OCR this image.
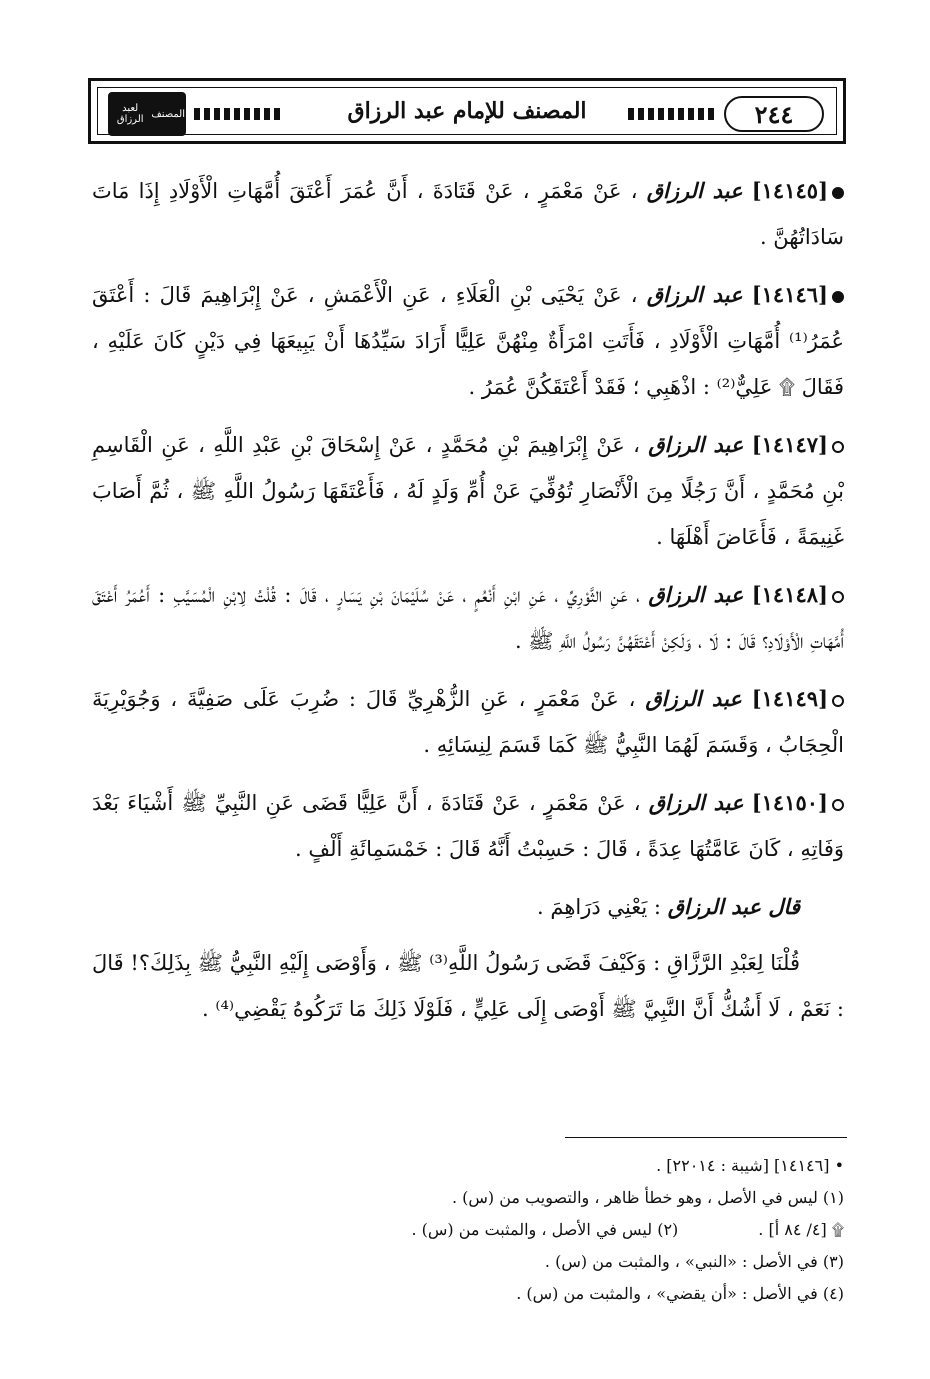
٢٤٤
المصنف للإمام عبد الرزاق
المصنف
لعبد الرزاق
[١٤١٤٥] عبد الرزاق ، عَنْ مَعْمَرٍ ، عَنْ قَتَادَةَ ، أَنَّ عُمَرَ أَعْتَقَ أُمَّهَاتِ الْأَوْلَادِ إِذَا مَاتَ سَادَاتُهُنَّ .
[١٤١٤٦] عبد الرزاق ، عَنْ يَحْيَى بْنِ الْعَلَاءِ ، عَنِ الْأَعْمَشِ ، عَنْ إِبْرَاهِيمَ قَالَ : أَعْتَقَ عُمَرُ⁽¹⁾ أُمَّهَاتِ الْأَوْلَادِ ، فَأَتَتِ امْرَأَةٌ مِنْهُنَّ عَلِيًّا أَرَادَ سَيِّدُهَا أَنْ يَبِيعَهَا فِي دَيْنٍ كَانَ عَلَيْهِ ، فَقَالَ ۩ عَلِيٌّ⁽²⁾ : اذْهَبِي ؛ فَقَدْ أَعْتَقَكُنَّ عُمَرُ .
[١٤١٤٧] عبد الرزاق ، عَنْ إِبْرَاهِيمَ بْنِ مُحَمَّدٍ ، عَنْ إِسْحَاقَ بْنِ عَبْدِ اللَّهِ ، عَنِ الْقَاسِمِ بْنِ مُحَمَّدٍ ، أَنَّ رَجُلًا مِنَ الْأَنْصَارِ تُوُفِّيَ عَنْ أُمِّ وَلَدٍ لَهُ ، فَأَعْتَقَهَا رَسُولُ اللَّهِ ﷺ ، ثُمَّ أَصَابَ غَنِيمَةً ، فَأَعَاضَ أَهْلَهَا .
[١٤١٤٨] عبد الرزاق ، عَنِ الثَّوْرِيِّ ، عَنِ ابْنِ أَنْعُمٍ ، عَنْ سُلَيْمَانَ بْنِ يَسَارٍ ، قَالَ : قُلْتُ لِابْنِ الْمُسَيَّبِ : أَعُمَرُ أَعْتَقَ أُمَّهَاتِ الْأَوْلَادِ؟ قَالَ : لَا ، وَلَكِنْ أَعْتَقَهُنَّ رَسُولُ اللَّهِ ﷺ .
[١٤١٤٩] عبد الرزاق ، عَنْ مَعْمَرٍ ، عَنِ الزُّهْرِيِّ قَالَ : ضُرِبَ عَلَى صَفِيَّةَ ، وَجُوَيْرِيَةَ الْحِجَابُ ، وَقَسَمَ لَهُمَا النَّبِيُّ ﷺ كَمَا قَسَمَ لِنِسَائِهِ .
[١٤١٥٠] عبد الرزاق ، عَنْ مَعْمَرٍ ، عَنْ قَتَادَةَ ، أَنَّ عَلِيًّا قَضَى عَنِ النَّبِيِّ ﷺ أَشْيَاءَ بَعْدَ وَفَاتِهِ ، كَانَ عَامَّتُهَا عِدَةً ، قَالَ : حَسِبْتُ أَنَّهُ قَالَ : خَمْسَمِائَةِ أَلْفٍ .
قال عبد الرزاق : يَعْنِي دَرَاهِمَ .
قُلْنَا لِعَبْدِ الرَّزَّاقِ : وَكَيْفَ قَضَى رَسُولُ اللَّهِ⁽³⁾ ﷺ ، وَأَوْصَى إِلَيْهِ النَّبِيُّ ﷺ بِذَلِكَ؟! قَالَ : نَعَمْ ، لَا أَشُكُّ أَنَّ النَّبِيَّ ﷺ أَوْصَى إِلَى عَلِيٍّ ، فَلَوْلَا ذَلِكَ مَا تَرَكُوهُ يَقْضِي⁽⁴⁾ .
• [١٤١٤٦] [شيبة : ٢٢٠١٤] .
(١) ليس في الأصل ، وهو خطأ ظاهر ، والتصويب من (س) .
۩ [٤/ ٨٤ أ] .
(٢) ليس في الأصل ، والمثبت من (س) .
(٣) في الأصل : «النبي» ، والمثبت من (س) .
(٤) في الأصل : «أن يقضي» ، والمثبت من (س) .
